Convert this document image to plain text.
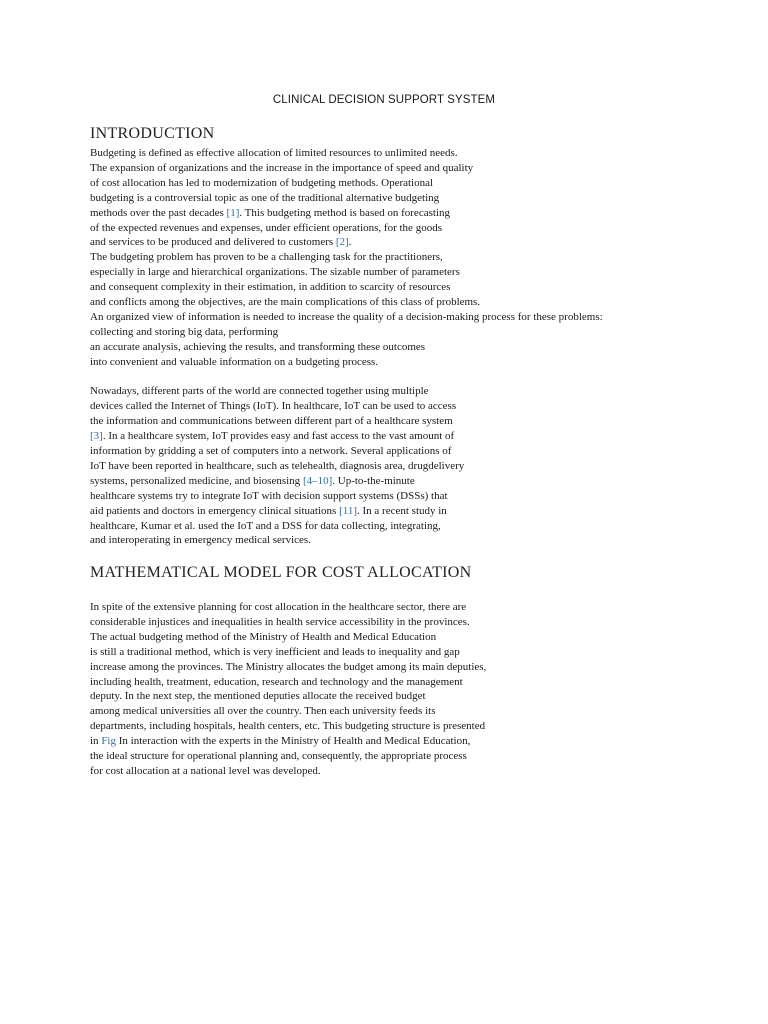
CLINICAL DECISION SUPPORT SYSTEM
INTRODUCTION
Budgeting is defined as effective allocation of limited resources to unlimited needs.
The expansion of organizations and the increase in the importance of speed and quality
of cost allocation has led to modernization of budgeting methods. Operational
budgeting is a controversial topic as one of the traditional alternative budgeting
methods over the past decades [1]. This budgeting method is based on forecasting
of the expected revenues and expenses, under efficient operations, for the goods
and services to be produced and delivered to customers [2].
The budgeting problem has proven to be a challenging task for the practitioners,
especially in large and hierarchical organizations. The sizable number of parameters
and consequent complexity in their estimation, in addition to scarcity of resources
and conflicts among the objectives, are the main complications of this class of problems.
An organized view of information is needed to increase the quality of a decision-making process for these problems:
collecting and storing big data, performing
an accurate analysis, achieving the results, and transforming these outcomes
into convenient and valuable information on a budgeting process.
Nowadays, different parts of the world are connected together using multiple
devices called the Internet of Things (IoT). In healthcare, IoT can be used to access
the information and communications between different part of a healthcare system
[3]. In a healthcare system, IoT provides easy and fast access to the vast amount of
information by gridding a set of computers into a network. Several applications of
IoT have been reported in healthcare, such as telehealth, diagnosis area, drugdelivery
systems, personalized medicine, and biosensing [4–10]. Up-to-the-minute
healthcare systems try to integrate IoT with decision support systems (DSSs) that
aid patients and doctors in emergency clinical situations [11]. In a recent study in
healthcare, Kumar et al. used the IoT and a DSS for data collecting, integrating,
and interoperating in emergency medical services.
MATHEMATICAL MODEL FOR COST ALLOCATION
In spite of the extensive planning for cost allocation in the healthcare sector, there are
considerable injustices and inequalities in health service accessibility in the provinces.
The actual budgeting method of the Ministry of Health and Medical Education
is still a traditional method, which is very inefficient and leads to inequality and gap
increase among the provinces. The Ministry allocates the budget among its main deputies,
including health, treatment, education, research and technology and the management
deputy. In the next step, the mentioned deputies allocate the received budget
among medical universities all over the country. Then each university feeds its
departments, including hospitals, health centers, etc. This budgeting structure is presented
in Fig In interaction with the experts in the Ministry of Health and Medical Education,
the ideal structure for operational planning and, consequently, the appropriate process
for cost allocation at a national level was developed.
